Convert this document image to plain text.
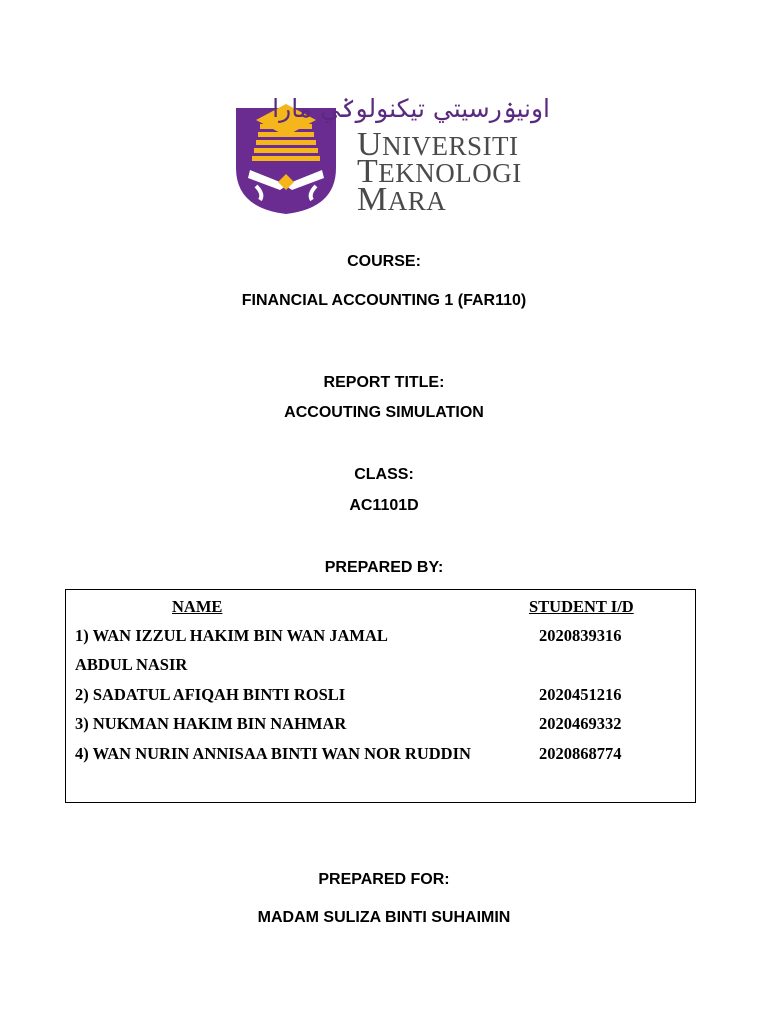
اونيۏرسيتي تيكنولوݢي مارا
UNIVERSITI
TEKNOLOGI
MARA
COURSE:
FINANCIAL ACCOUNTING 1 (FAR110)
REPORT TITLE:
ACCOUTING SIMULATION
CLASS:
AC1101D
PREPARED BY:
NAME	STUDENT I/D
1) WAN IZZUL HAKIM BIN WAN JAMAL	2020839316
ABDUL NASIR
2) SADATUL AFIQAH BINTI ROSLI	2020451216
3) NUKMAN HAKIM BIN NAHMAR	2020469332
4) WAN NURIN ANNISAA BINTI WAN NOR RUDDIN	2020868774
PREPARED FOR:
MADAM SULIZA BINTI SUHAIMIN
